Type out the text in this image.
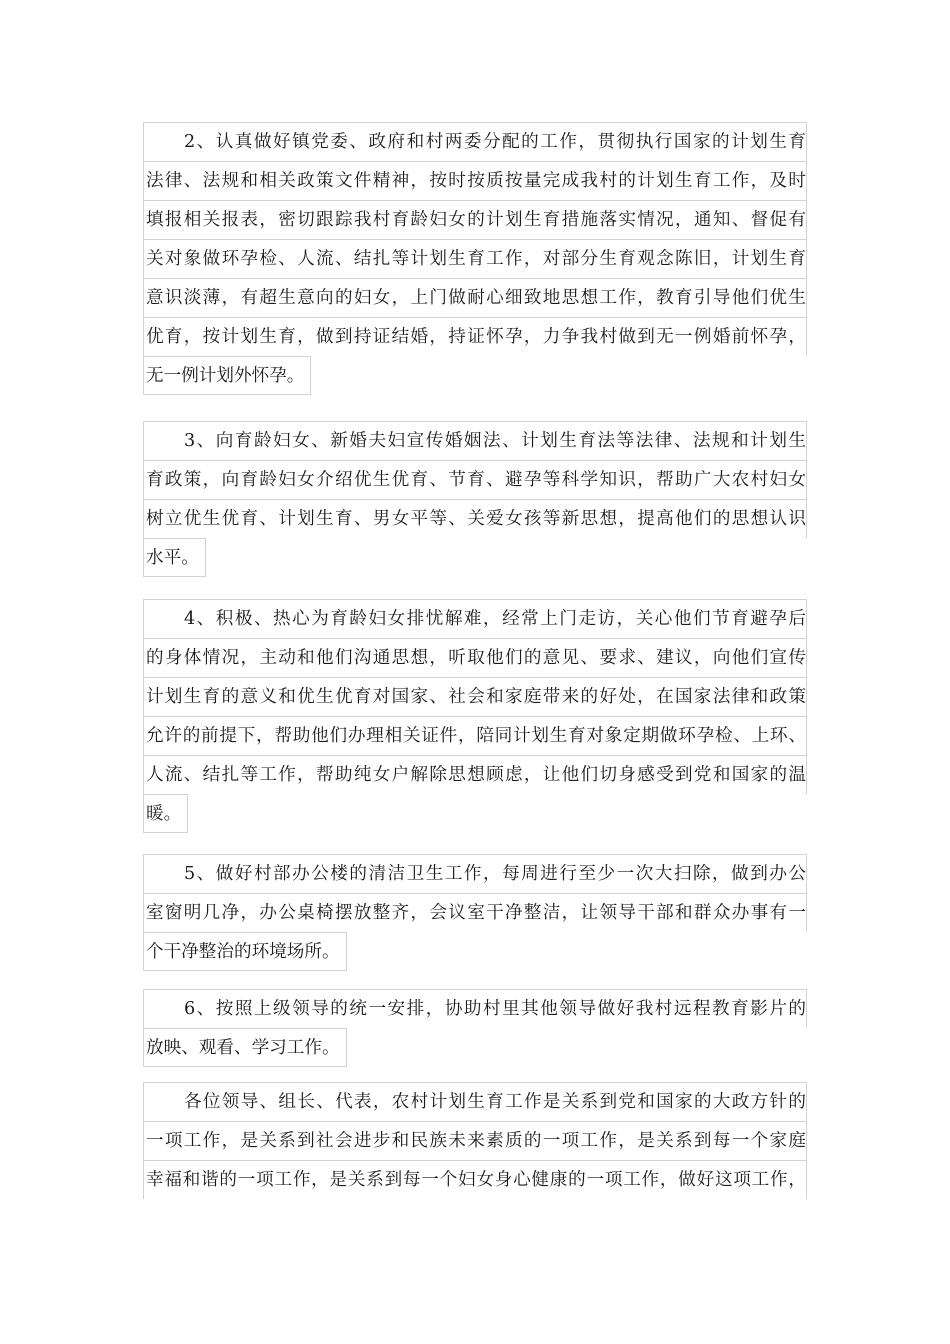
2、认真做好镇党委、政府和村两委分配的工作，贯彻执行国家的计划生育
法律、法规和相关政策文件精神，按时按质按量完成我村的计划生育工作，及时
填报相关报表，密切跟踪我村育龄妇女的计划生育措施落实情况，通知、督促有
关对象做环孕检、人流、结扎等计划生育工作，对部分生育观念陈旧，计划生育
意识淡薄，有超生意向的妇女，上门做耐心细致地思想工作，教育引导他们优生
优育，按计划生育，做到持证结婚，持证怀孕，力争我村做到无一例婚前怀孕，
无一例计划外怀孕。
3、向育龄妇女、新婚夫妇宣传婚姻法、计划生育法等法律、法规和计划生
育政策，向育龄妇女介绍优生优育、节育、避孕等科学知识，帮助广大农村妇女
树立优生优育、计划生育、男女平等、关爱女孩等新思想，提高他们的思想认识
水平。
4、积极、热心为育龄妇女排忧解难，经常上门走访，关心他们节育避孕后
的身体情况，主动和他们沟通思想，听取他们的意见、要求、建议，向他们宣传
计划生育的意义和优生优育对国家、社会和家庭带来的好处，在国家法律和政策
允许的前提下，帮助他们办理相关证件，陪同计划生育对象定期做环孕检、上环、
人流、结扎等工作，帮助纯女户解除思想顾虑，让他们切身感受到党和国家的温
暖。
5、做好村部办公楼的清洁卫生工作，每周进行至少一次大扫除，做到办公
室窗明几净，办公桌椅摆放整齐，会议室干净整洁，让领导干部和群众办事有一
个干净整治的环境场所。
6、按照上级领导的统一安排，协助村里其他领导做好我村远程教育影片的
放映、观看、学习工作。
各位领导、组长、代表，农村计划生育工作是关系到党和国家的大政方针的
一项工作，是关系到社会进步和民族未来素质的一项工作，是关系到每一个家庭
幸福和谐的一项工作，是关系到每一个妇女身心健康的一项工作，做好这项工作，
